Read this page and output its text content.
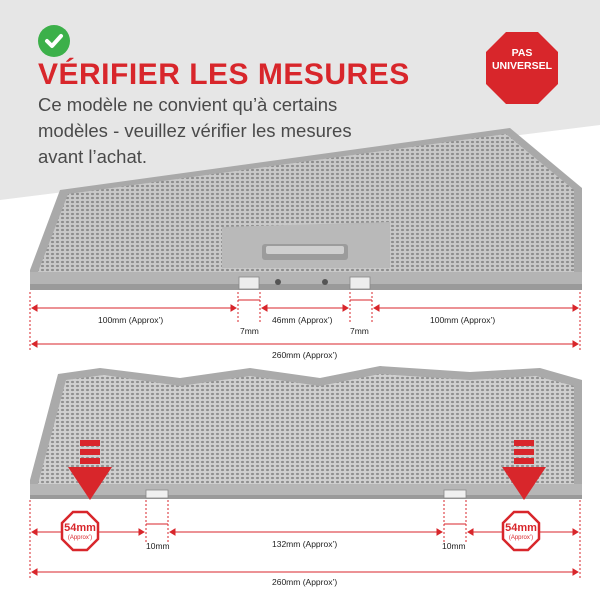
VÉRIFIER LES MESURES
Ce modèle ne convient qu’à certains modèles - veuillez vérifier les mesures avant l’achat.
PAS
UNIVERSEL
100mm (Approx’)
7mm
46mm (Approx’)
7mm
100mm (Approx’)
260mm (Approx’)
54mm
(Approx’)
54mm
(Approx’)
10mm	132mm (Approx’)	10mm
260mm (Approx’)
